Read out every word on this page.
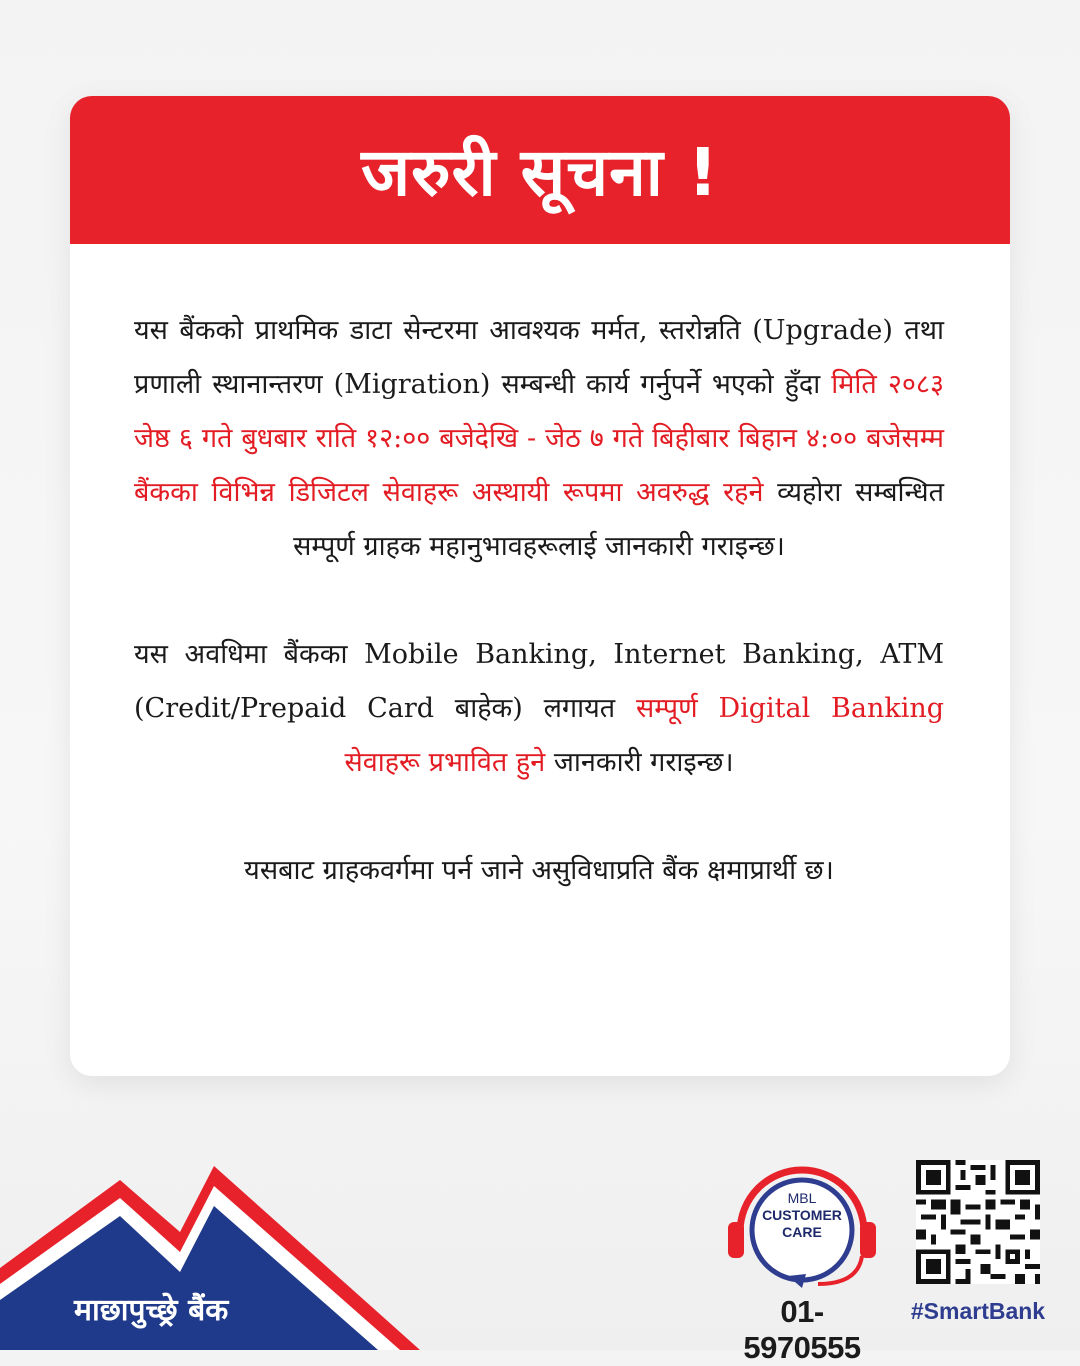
जरुरी सूचना !
यस बैंकको प्राथमिक डाटा सेन्टरमा आवश्यक मर्मत, स्तरोन्नति (Upgrade) तथा प्रणाली स्थानान्तरण (Migration) सम्बन्धी कार्य गर्नुपर्ने भएको हुँदा मिति २०८३ जेष्ठ ६ गते बुधबार राति १२:०० बजेदेखि - जेठ ७ गते बिहीबार बिहान ४:०० बजेसम्म बैंकका विभिन्न डिजिटल सेवाहरू अस्थायी रूपमा अवरुद्ध रहने व्यहोरा सम्बन्धित सम्पूर्ण ग्राहक महानुभावहरूलाई जानकारी गराइन्छ।
यस अवधिमा बैंकका Mobile Banking, Internet Banking, ATM (Credit/Prepaid Card बाहेक) लगायत सम्पूर्ण Digital Banking सेवाहरू प्रभावित हुने जानकारी गराइन्छ।
यसबाट ग्राहकवर्गमा पर्न जाने असुविधाप्रति बैंक क्षमाप्रार्थी छ।
माछापुच्छ्रे बैंक
MBL
CUSTOMER
CARE
01- 5970555
#SmartBank
